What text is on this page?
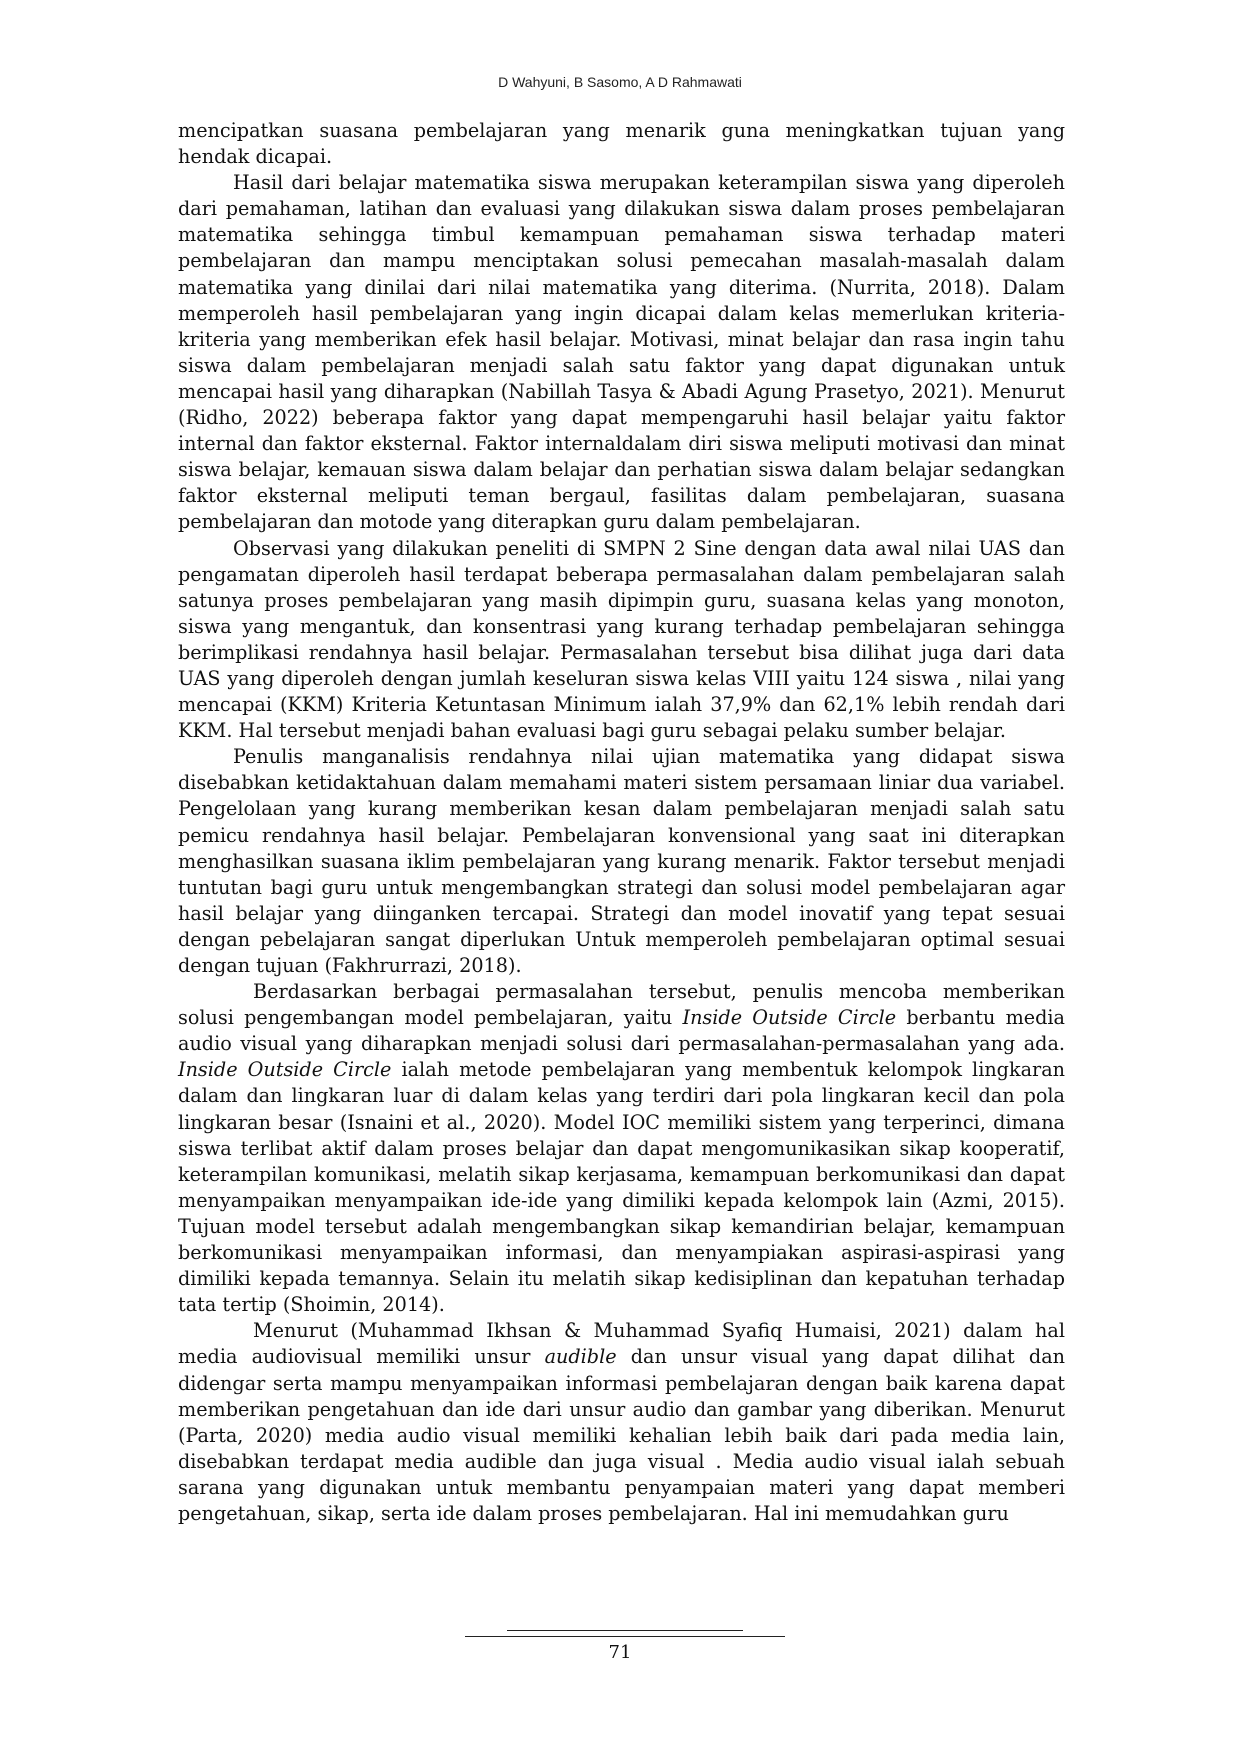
D Wahyuni, B Sasomo, A D Rahmawati

mencipatkan suasana pembelajaran yang menarik guna meningkatkan tujuan yang hendak dicapai.

Hasil dari belajar matematika siswa merupakan keterampilan siswa yang diperoleh dari pemahaman, latihan dan evaluasi yang dilakukan siswa dalam proses pembelajaran matematika sehingga timbul kemampuan pemahaman siswa terhadap materi pembelajaran dan mampu menciptakan solusi pemecahan masalah-masalah dalam matematika yang dinilai dari nilai matematika yang diterima. (Nurrita, 2018). Dalam memperoleh hasil pembelajaran yang ingin dicapai dalam kelas memerlukan kriteria-kriteria yang memberikan efek hasil belajar. Motivasi, minat belajar dan rasa ingin tahu siswa dalam pembelajaran menjadi salah satu faktor yang dapat digunakan untuk mencapai hasil yang diharapkan (Nabillah Tasya & Abadi Agung Prasetyo, 2021). Menurut (Ridho, 2022) beberapa faktor yang dapat mempengaruhi hasil belajar yaitu faktor internal dan faktor eksternal. Faktor internaldalam diri siswa meliputi motivasi dan minat siswa belajar, kemauan siswa dalam belajar dan perhatian siswa dalam belajar sedangkan faktor eksternal meliputi teman bergaul, fasilitas dalam pembelajaran, suasana pembelajaran dan motode yang diterapkan guru dalam pembelajaran.

Observasi yang dilakukan peneliti di SMPN 2 Sine dengan data awal nilai UAS dan pengamatan diperoleh hasil terdapat beberapa permasalahan dalam pembelajaran salah satunya proses pembelajaran yang masih dipimpin guru, suasana kelas yang monoton, siswa yang mengantuk, dan konsentrasi yang kurang terhadap pembelajaran sehingga berimplikasi rendahnya hasil belajar. Permasalahan tersebut bisa dilihat juga dari data UAS yang diperoleh dengan jumlah keseluran siswa kelas VIII yaitu 124 siswa , nilai yang mencapai (KKM) Kriteria Ketuntasan Minimum ialah 37,9% dan 62,1% lebih rendah dari KKM. Hal tersebut menjadi bahan evaluasi bagi guru sebagai pelaku sumber belajar.

Penulis manganalisis rendahnya nilai ujian matematika yang didapat siswa disebabkan ketidaktahuan dalam memahami materi sistem persamaan liniar dua variabel. Pengelolaan yang kurang memberikan kesan dalam pembelajaran menjadi salah satu pemicu rendahnya hasil belajar. Pembelajaran konvensional yang saat ini diterapkan menghasilkan suasana iklim pembelajaran yang kurang menarik. Faktor tersebut menjadi tuntutan bagi guru untuk mengembangkan strategi dan solusi model pembelajaran agar hasil belajar yang diinganken tercapai. Strategi dan model inovatif yang tepat sesuai dengan pebelajaran sangat diperlukan Untuk memperoleh pembelajaran optimal sesuai dengan tujuan (Fakhrurrazi, 2018).

Berdasarkan berbagai permasalahan tersebut, penulis mencoba memberikan solusi pengembangan model pembelajaran, yaitu Inside Outside Circle berbantu media audio visual yang diharapkan menjadi solusi dari permasalahan-permasalahan yang ada. Inside Outside Circle ialah metode pembelajaran yang membentuk kelompok lingkaran dalam dan lingkaran luar di dalam kelas yang terdiri dari pola lingkaran kecil dan pola lingkaran besar (Isnaini et al., 2020). Model IOC memiliki sistem yang terperinci, dimana siswa terlibat aktif dalam proses belajar dan dapat mengomunikasikan sikap kooperatif, keterampilan komunikasi, melatih sikap kerjasama, kemampuan berkomunikasi dan dapat menyampaikan menyampaikan ide-ide yang dimiliki kepada kelompok lain (Azmi, 2015). Tujuan model tersebut adalah mengembangkan sikap kemandirian belajar, kemampuan berkomunikasi menyampaikan informasi, dan menyampiakan aspirasi-aspirasi yang dimiliki kepada temannya. Selain itu melatih sikap kedisiplinan dan kepatuhan terhadap tata tertip (Shoimin, 2014).

Menurut (Muhammad Ikhsan & Muhammad Syafiq Humaisi, 2021) dalam hal media audiovisual memiliki unsur audible dan unsur visual yang dapat dilihat dan didengar serta mampu menyampaikan informasi pembelajaran dengan baik karena dapat memberikan pengetahuan dan ide dari unsur audio dan gambar yang diberikan. Menurut (Parta, 2020) media audio visual memiliki kehalian lebih baik dari pada media lain, disebabkan terdapat media audible dan juga visual . Media audio visual ialah sebuah sarana yang digunakan untuk membantu penyampaian materi yang dapat memberi pengetahuan, sikap, serta ide dalam proses pembelajaran. Hal ini memudahkan guru

71
